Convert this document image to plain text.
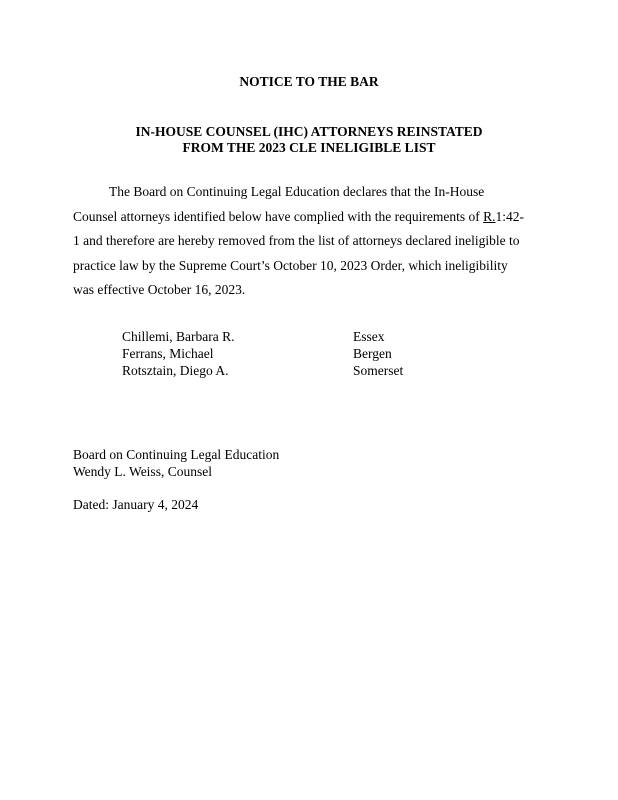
NOTICE TO THE BAR
IN-HOUSE COUNSEL (IHC) ATTORNEYS REINSTATED
FROM THE 2023 CLE INELIGIBLE LIST
The Board on Continuing Legal Education declares that the In-House
Counsel attorneys identified below have complied with the requirements of R.1:42-
1 and therefore are hereby removed from the list of attorneys declared ineligible to
practice law by the Supreme Court’s October 10, 2023 Order, which ineligibility
was effective October 16, 2023.
Chillemi, Barbara R.	Essex
Ferrans, Michael	Bergen
Rotsztain, Diego A.	Somerset
Board on Continuing Legal Education
Wendy L. Weiss, Counsel
Dated: January 4, 2024
